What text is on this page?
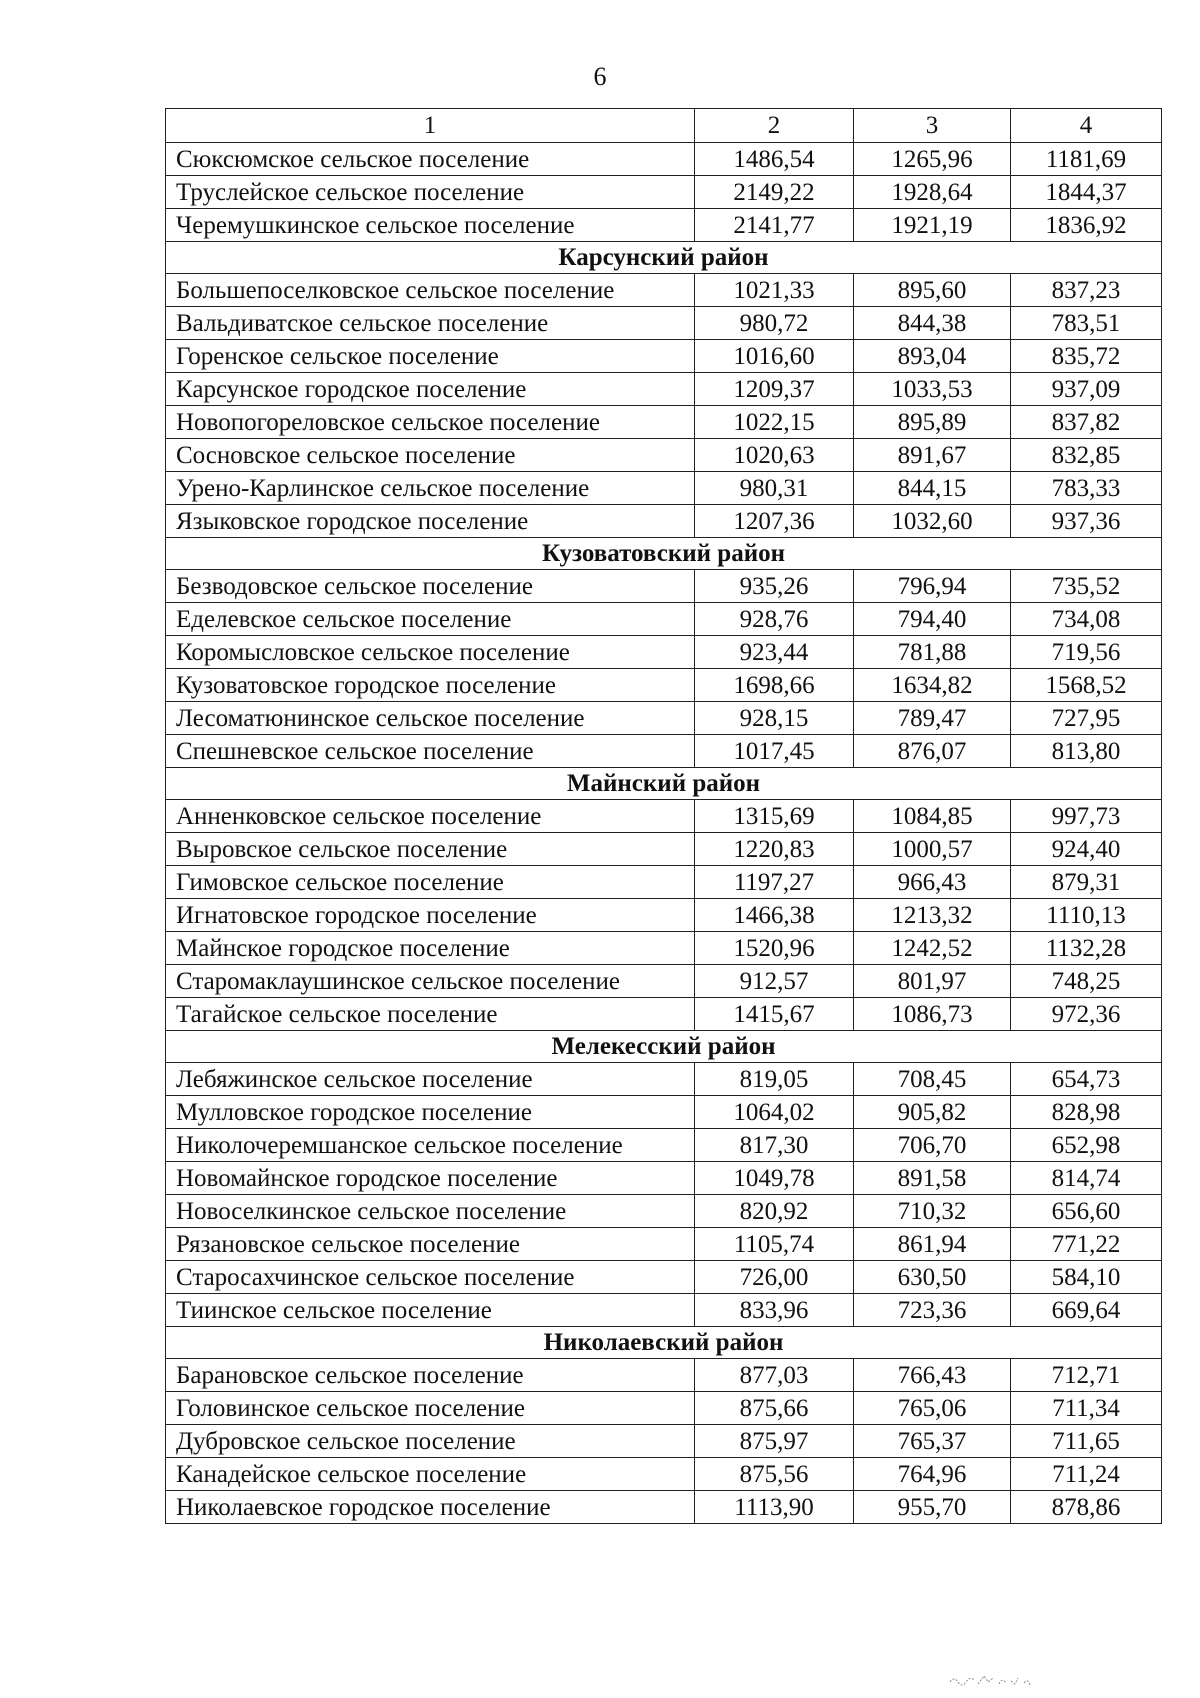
6
1	2	3	4
Сюксюмское сельское поселение	1486,54	1265,96	1181,69
Труслейское сельское поселение	2149,22	1928,64	1844,37
Черемушкинское сельское поселение	2141,77	1921,19	1836,92
Карсунский район			
Большепоселковское сельское поселение	1021,33	895,60	837,23
Вальдиватское сельское поселение	980,72	844,38	783,51
Горенское сельское поселение	1016,60	893,04	835,72
Карсунское городское поселение	1209,37	1033,53	937,09
Новопогореловское сельское поселение	1022,15	895,89	837,82
Сосновское сельское поселение	1020,63	891,67	832,85
Урено-Карлинское сельское поселение	980,31	844,15	783,33
Языковское городское поселение	1207,36	1032,60	937,36
Кузоватовский район			
Безводовское сельское поселение	935,26	796,94	735,52
Еделевское сельское поселение	928,76	794,40	734,08
Коромысловское сельское поселение	923,44	781,88	719,56
Кузоватовское городское поселение	1698,66	1634,82	1568,52
Лесоматюнинское сельское поселение	928,15	789,47	727,95
Спешневское сельское поселение	1017,45	876,07	813,80
Майнский район			
Анненковское сельское поселение	1315,69	1084,85	997,73
Выровское сельское поселение	1220,83	1000,57	924,40
Гимовское сельское поселение	1197,27	966,43	879,31
Игнатовское городское поселение	1466,38	1213,32	1110,13
Майнское городское поселение	1520,96	1242,52	1132,28
Старомаклаушинское сельское поселение	912,57	801,97	748,25
Тагайское сельское поселение	1415,67	1086,73	972,36
Мелекесский район			
Лебяжинское сельское поселение	819,05	708,45	654,73
Мулловское городское поселение	1064,02	905,82	828,98
Николочеремшанское сельское поселение	817,30	706,70	652,98
Новомайнское городское поселение	1049,78	891,58	814,74
Новоселкинское сельское поселение	820,92	710,32	656,60
Рязановское сельское поселение	1105,74	861,94	771,22
Старосахчинское сельское поселение	726,00	630,50	584,10
Тиинское сельское поселение	833,96	723,36	669,64
Николаевский район			
Барановское сельское поселение	877,03	766,43	712,71
Головинское сельское поселение	875,66	765,06	711,34
Дубровское сельское поселение	875,97	765,37	711,65
Канадейское сельское поселение	875,56	764,96	711,24
Николаевское городское поселение	1113,90	955,70	878,86
